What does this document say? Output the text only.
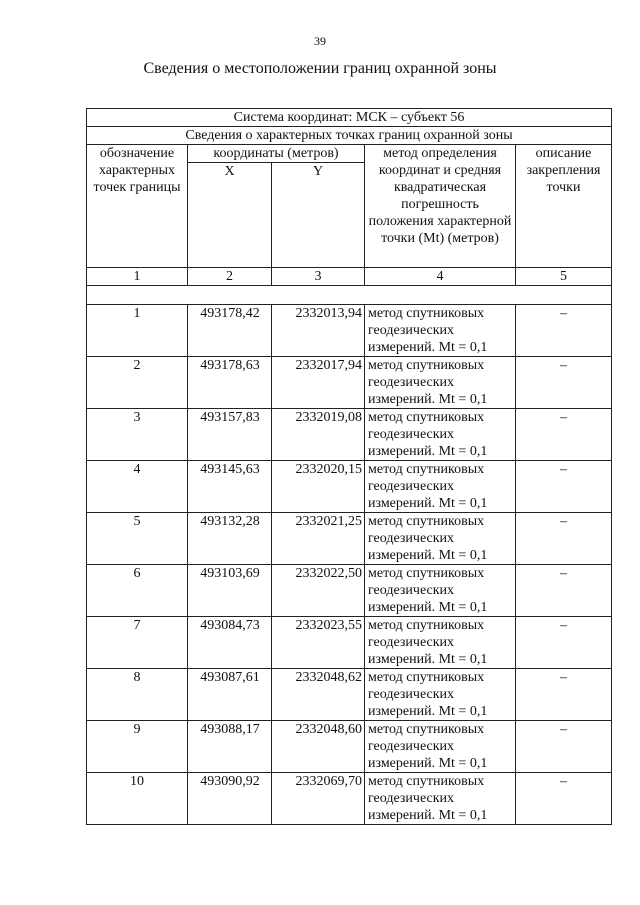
39
Сведения о местоположении границ охранной зоны
Система координат: МСК – субъект 56				
Сведения о характерных точках границ охранной зоны				
обозначение характерных точек границы	координаты (метров)		метод определения координат и средняя квадратическая погрешность положения характерной точки (Mt) (метров)	описание закрепления точки
	X	Y		
1	2	3	4	5

1	493178,42	2332013,94	метод спутниковых геодезических измерений. Mt = 0,1	–
2	493178,63	2332017,94	метод спутниковых геодезических измерений. Mt = 0,1	–
3	493157,83	2332019,08	метод спутниковых геодезических измерений. Mt = 0,1	–
4	493145,63	2332020,15	метод спутниковых геодезических измерений. Mt = 0,1	–
5	493132,28	2332021,25	метод спутниковых геодезических измерений. Mt = 0,1	–
6	493103,69	2332022,50	метод спутниковых геодезических измерений. Mt = 0,1	–
7	493084,73	2332023,55	метод спутниковых геодезических измерений. Mt = 0,1	–
8	493087,61	2332048,62	метод спутниковых геодезических измерений. Mt = 0,1	–
9	493088,17	2332048,60	метод спутниковых геодезических измерений. Mt = 0,1	–
10	493090,92	2332069,70	метод спутниковых геодезических измерений. Mt = 0,1	–
